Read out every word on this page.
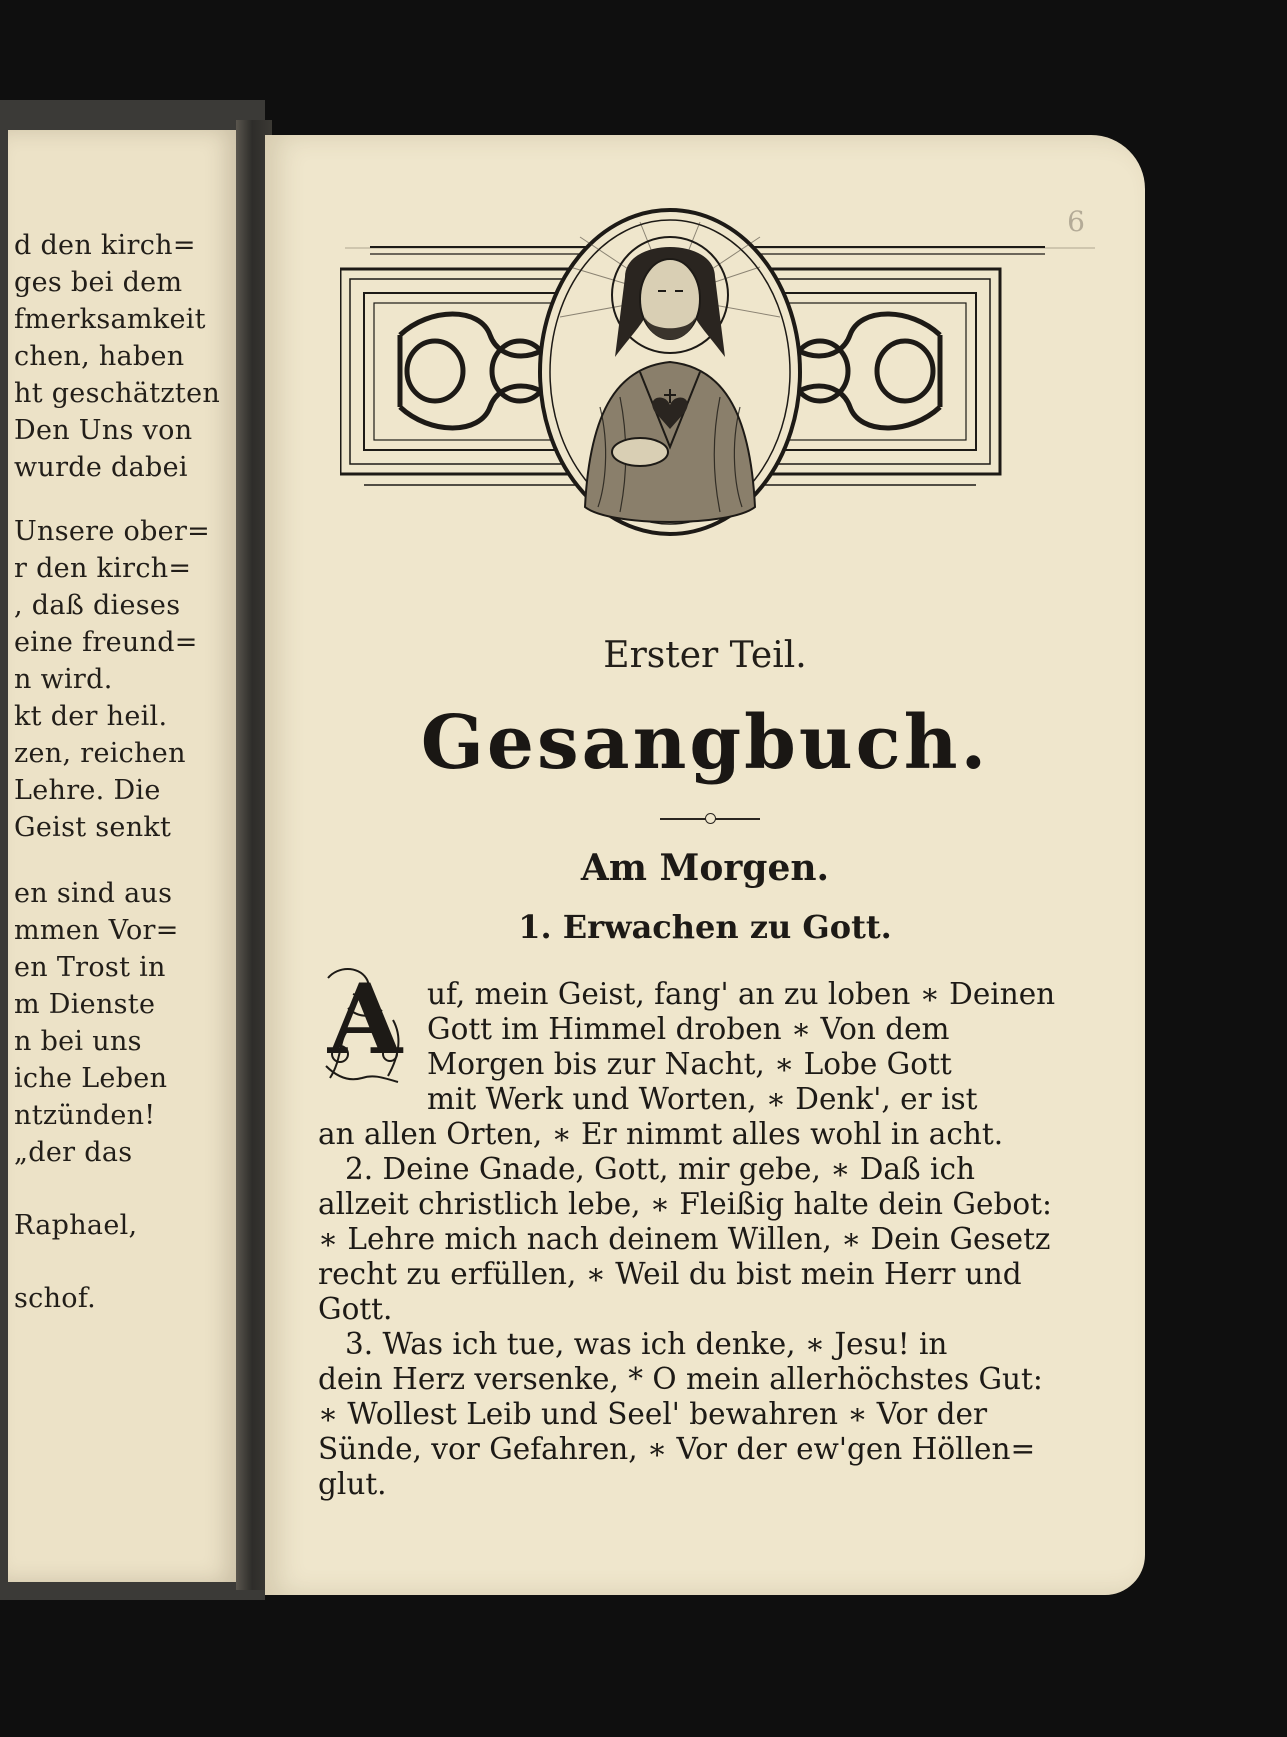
d den kirch=
ges bei dem
fmerksamkeit
chen, haben
ht geschätzten
Den Uns von
wurde dabei
Unsere ober=
r den kirch=
, daß dieses
eine freund=
n wird.
kt der heil.
zen, reichen
Lehre. Die
Geist senkt
en sind aus
mmen Vor=
en Trost in
m Dienste
n bei uns
iche Leben
ntzünden!
„der das
Raphael,
schof.
6
Erster Teil.
Gesangbuch.
Am Morgen.
1. Erwachen zu Gott.
A uf, mein Geist, fang' an zu loben ∗ Deinen
Gott im Himmel droben ∗ Von dem
Morgen bis zur Nacht, ∗ Lobe Gott
mit Werk und Worten, ∗ Denk', er ist
an allen Orten, ∗ Er nimmt alles wohl in acht.
2. Deine Gnade, Gott, mir gebe, ∗ Daß ich
allzeit christlich lebe, ∗ Fleißig halte dein Gebot:
∗ Lehre mich nach deinem Willen, ∗ Dein Gesetz
recht zu erfüllen, ∗ Weil du bist mein Herr und
Gott.
3. Was ich tue, was ich denke, ∗ Jesu! in
dein Herz versenke, * O mein allerhöchstes Gut:
∗ Wollest Leib und Seel' bewahren ∗ Vor der
Sünde, vor Gefahren, ∗ Vor der ew'gen Höllen=
glut.
